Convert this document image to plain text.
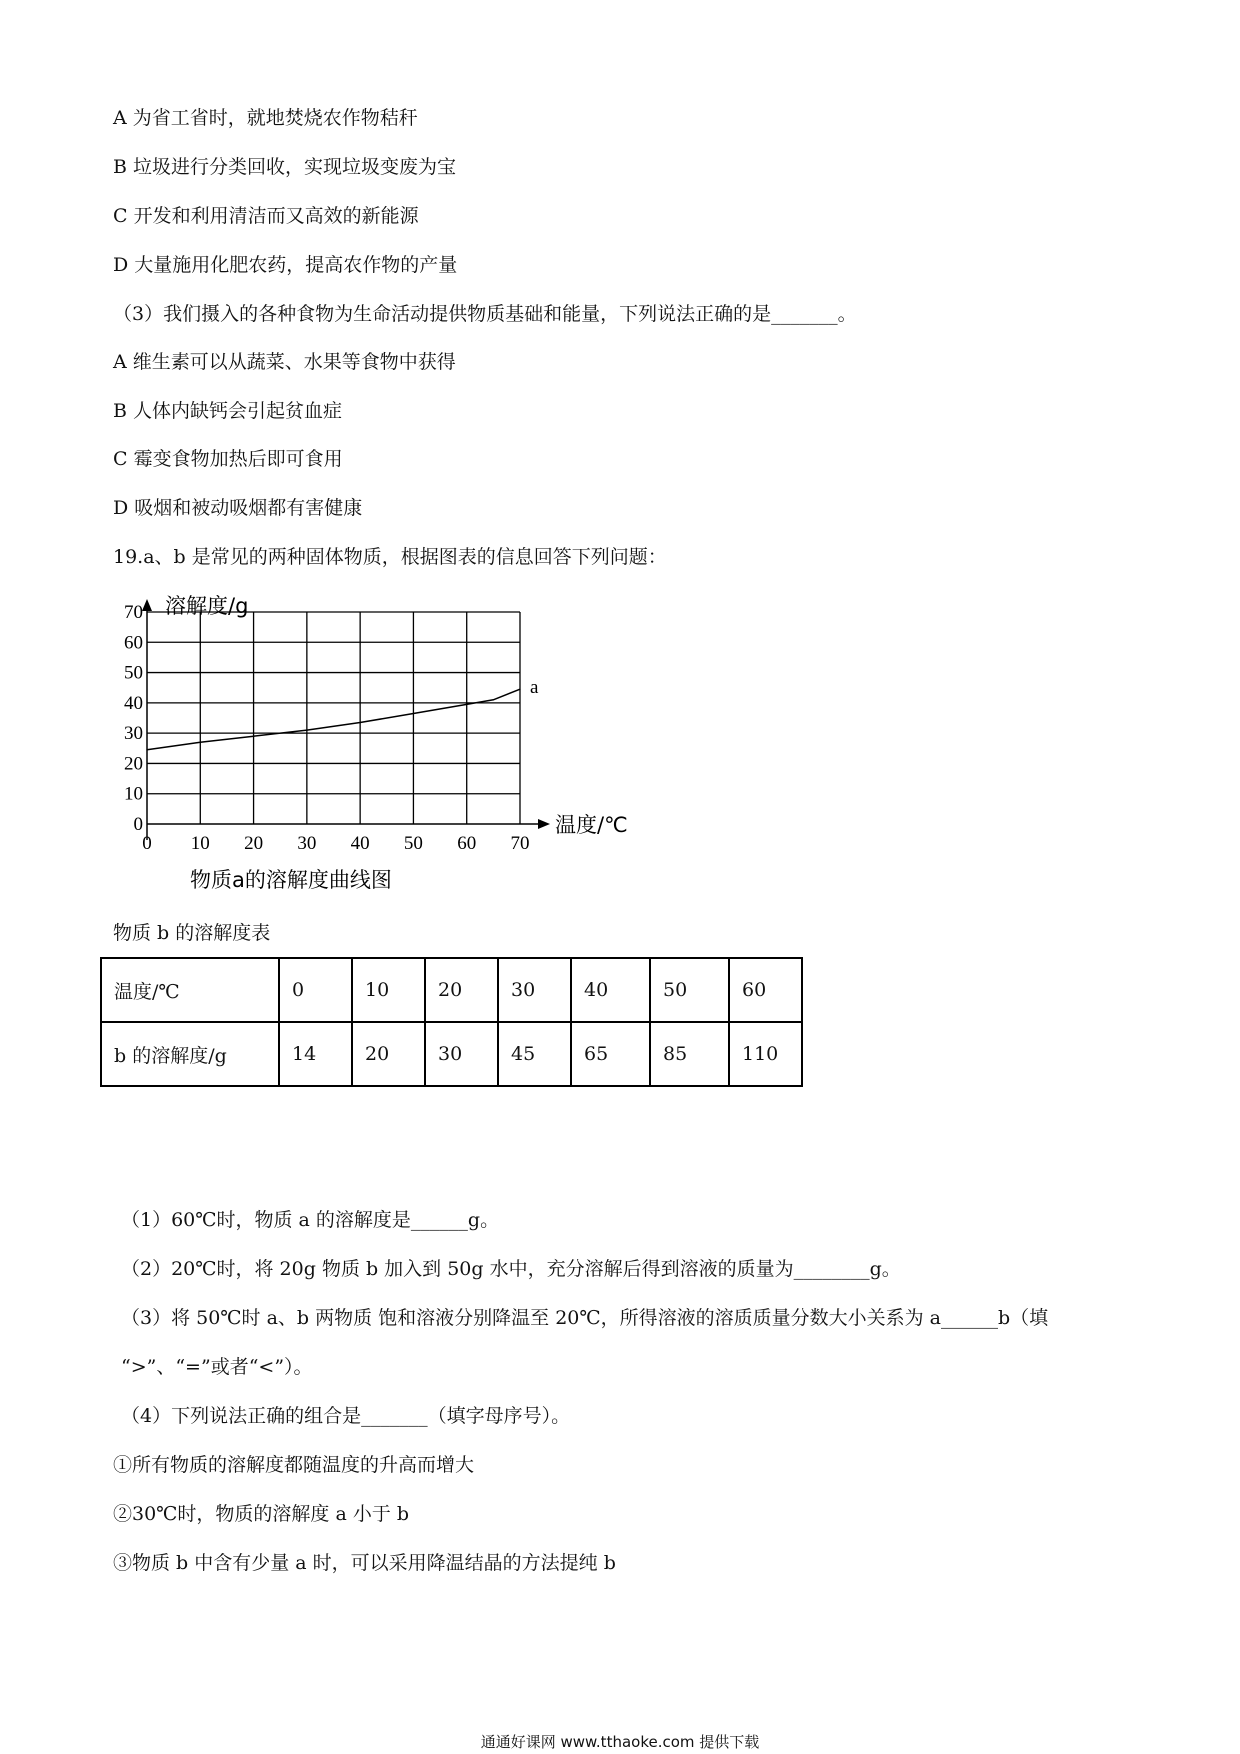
A 为省工省时，就地焚烧农作物秸秆
B 垃圾进行分类回收，实现垃圾变废为宝
C 开发和利用清洁而又高效的新能源
D 大量施用化肥农药，提高农作物的产量
（3）我们摄入的各种食物为生命活动提供物质基础和能量，下列说法正确的是_______。
A 维生素可以从蔬菜、水果等食物中获得
B 人体内缺钙会引起贫血症
C 霉变食物加热后即可食用
D 吸烟和被动吸烟都有害健康
19.a、b 是常见的两种固体物质，根据图表的信息回答下列问题：
溶解度/g
温度/℃
物质a的溶解度曲线图
0 10 20 30 40 50 60 70
0
10
20
30
40
50
60
70
a
物质 b 的溶解度表
温度/℃	0	10	20	30	40	50	60
b 的溶解度/g	14	20	30	45	65	85	110
（1）60℃时，物质 a 的溶解度是______g。
（2）20℃时，将 20g 物质 b 加入到 50g 水中，充分溶解后得到溶液的质量为________g。
（3）将 50℃时 a、b 两物质 饱和溶液分别降温至 20℃，所得溶液的溶质质量分数大小关系为 a______b（填
“>”、“=”或者“<”）。
（4）下列说法正确的组合是_______（填字母序号）。
①所有物质的溶解度都随温度的升高而增大
②30℃时，物质的溶解度 a 小于 b
③物质 b 中含有少量 a 时，可以采用降温结晶的方法提纯 b
通通好课网 www.tthaoke.com 提供下载
